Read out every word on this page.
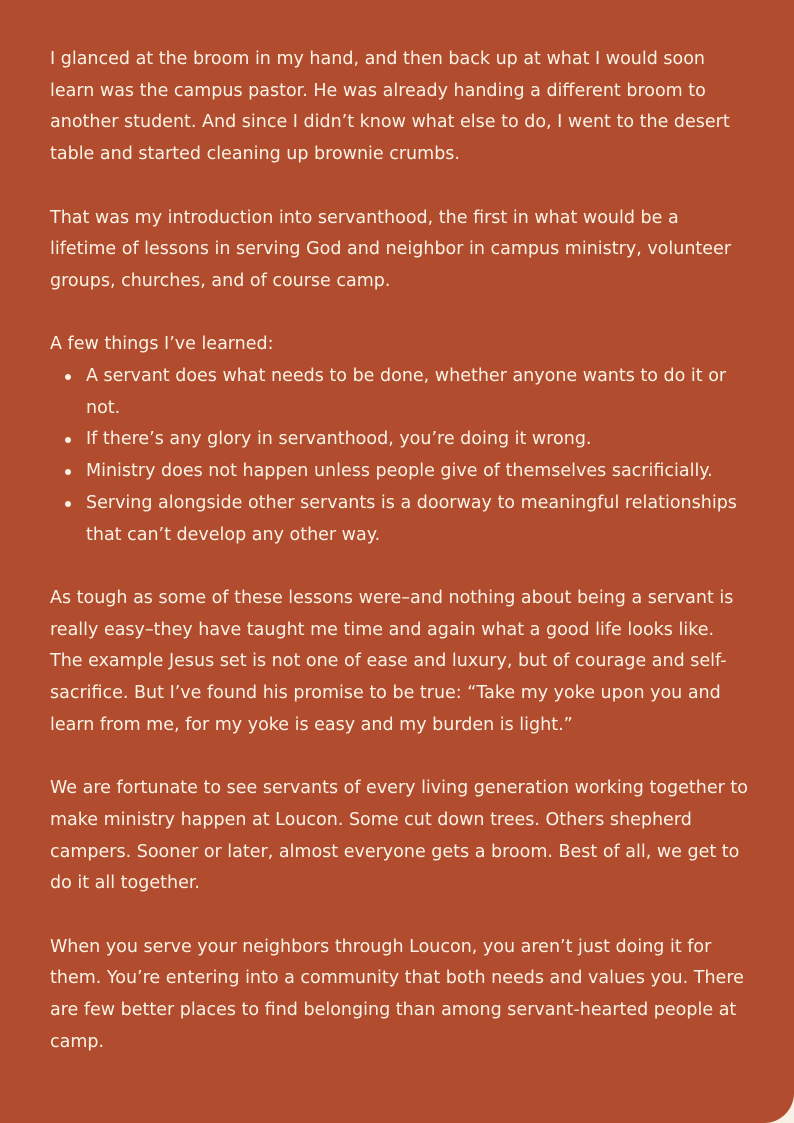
I glanced at the broom in my hand, and then back up at what I would soon learn was the campus pastor. He was already handing a different broom to another student. And since I didn’t know what else to do, I went to the desert table and started cleaning up brownie crumbs.

That was my introduction into servanthood, the first in what would be a lifetime of lessons in serving God and neighbor in campus ministry, volunteer groups, churches, and of course camp.

A few things I’ve learned:

A servant does what needs to be done, whether anyone wants to do it or not.
If there’s any glory in servanthood, you’re doing it wrong.
Ministry does not happen unless people give of themselves sacrificially.
Serving alongside other servants is a doorway to meaningful relationships that can’t develop any other way.

As tough as some of these lessons were–and nothing about being a servant is really easy–they have taught me time and again what a good life looks like. The example Jesus set is not one of ease and luxury, but of courage and self-sacrifice. But I’ve found his promise to be true: “Take my yoke upon you and learn from me, for my yoke is easy and my burden is light.”

We are fortunate to see servants of every living generation working together to make ministry happen at Loucon. Some cut down trees. Others shepherd campers. Sooner or later, almost everyone gets a broom. Best of all, we get to do it all together.

When you serve your neighbors through Loucon, you aren’t just doing it for them. You’re entering into a community that both needs and values you. There are few better places to find belonging than among servant-hearted people at camp.
